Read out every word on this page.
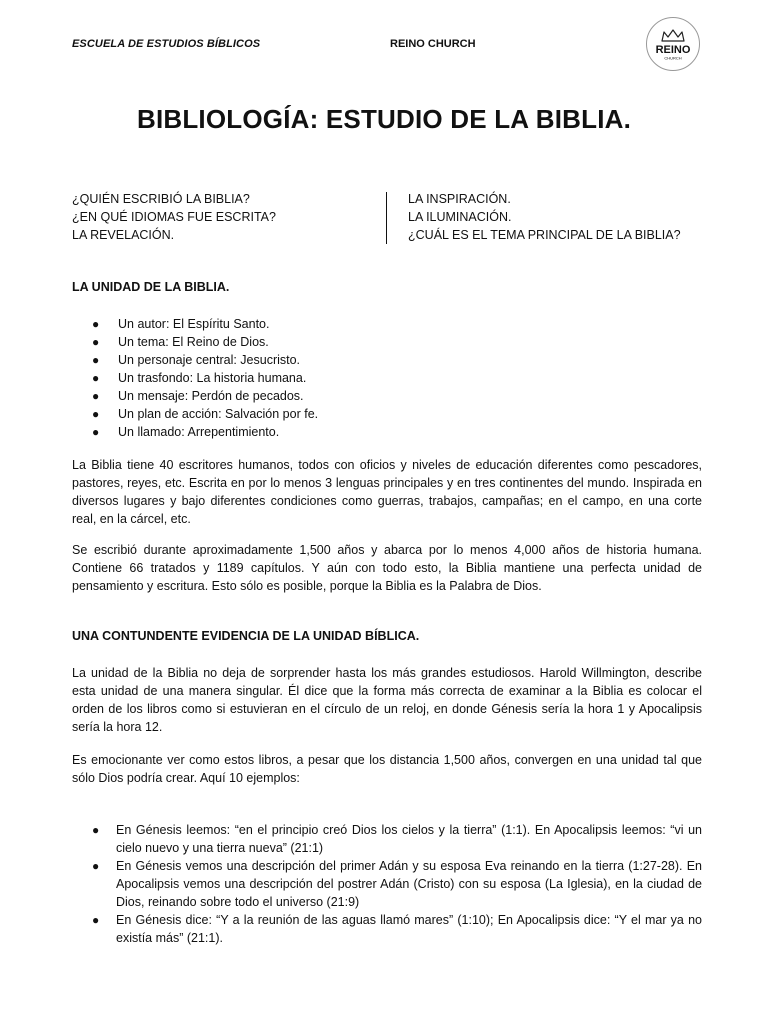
ESCUELA DE ESTUDIOS BÍBLICOS	REINO CHURCH	REINO
CHURCH
BIBLIOLOGÍA: ESTUDIO DE LA BIBLIA.
¿QUIÉN ESCRIBIÓ LA BIBLIA?
¿EN QUÉ IDIOMAS FUE ESCRITA?
LA REVELACIÓN.
LA INSPIRACIÓN.
LA ILUMINACIÓN.
¿CUÁL ES EL TEMA PRINCIPAL DE LA BIBLIA?
LA UNIDAD DE LA BIBLIA.
● Un autor: El Espíritu Santo.
● Un tema: El Reino de Dios.
● Un personaje central: Jesucristo.
● Un trasfondo: La historia humana.
● Un mensaje: Perdón de pecados.
● Un plan de acción: Salvación por fe.
● Un llamado: Arrepentimiento.

La Biblia tiene 40 escritores humanos, todos con oficios y niveles de educación diferentes como pescadores, pastores, reyes, etc. Escrita en por lo menos 3 lenguas principales y en tres continentes del mundo. Inspirada en diversos lugares y bajo diferentes condiciones como guerras, trabajos, campañas; en el campo, en una corte real, en la cárcel, etc.

Se escribió durante aproximadamente 1,500 años y abarca por lo menos 4,000 años de historia humana. Contiene 66 tratados y 1189 capítulos. Y aún con todo esto, la Biblia mantiene una perfecta unidad de pensamiento y escritura. Esto sólo es posible, porque la Biblia es la Palabra de Dios.

UNA CONTUNDENTE EVIDENCIA DE LA UNIDAD BÍBLICA.

La unidad de la Biblia no deja de sorprender hasta los más grandes estudiosos. Harold Willmington, describe esta unidad de una manera singular. Él dice que la forma más correcta de examinar a la Biblia es colocar el orden de los libros como si estuvieran en el círculo de un reloj, en donde Génesis sería la hora 1 y Apocalipsis sería la hora 12.

Es emocionante ver como estos libros, a pesar que los distancia 1,500 años, convergen en una unidad tal que sólo Dios podría crear. Aquí 10 ejemplos:

● En Génesis leemos: “en el principio creó Dios los cielos y la tierra” (1:1). En Apocalipsis leemos: “vi un cielo nuevo y una tierra nueva” (21:1)
● En Génesis vemos una descripción del primer Adán y su esposa Eva reinando en la tierra (1:27-28). En Apocalipsis vemos una descripción del postrer Adán (Cristo) con su esposa (La Iglesia), en la ciudad de Dios, reinando sobre todo el universo (21:9)
● En Génesis dice: “Y a la reunión de las aguas llamó mares” (1:10); En Apocalipsis dice: “Y el mar ya no existía más” (21:1).
